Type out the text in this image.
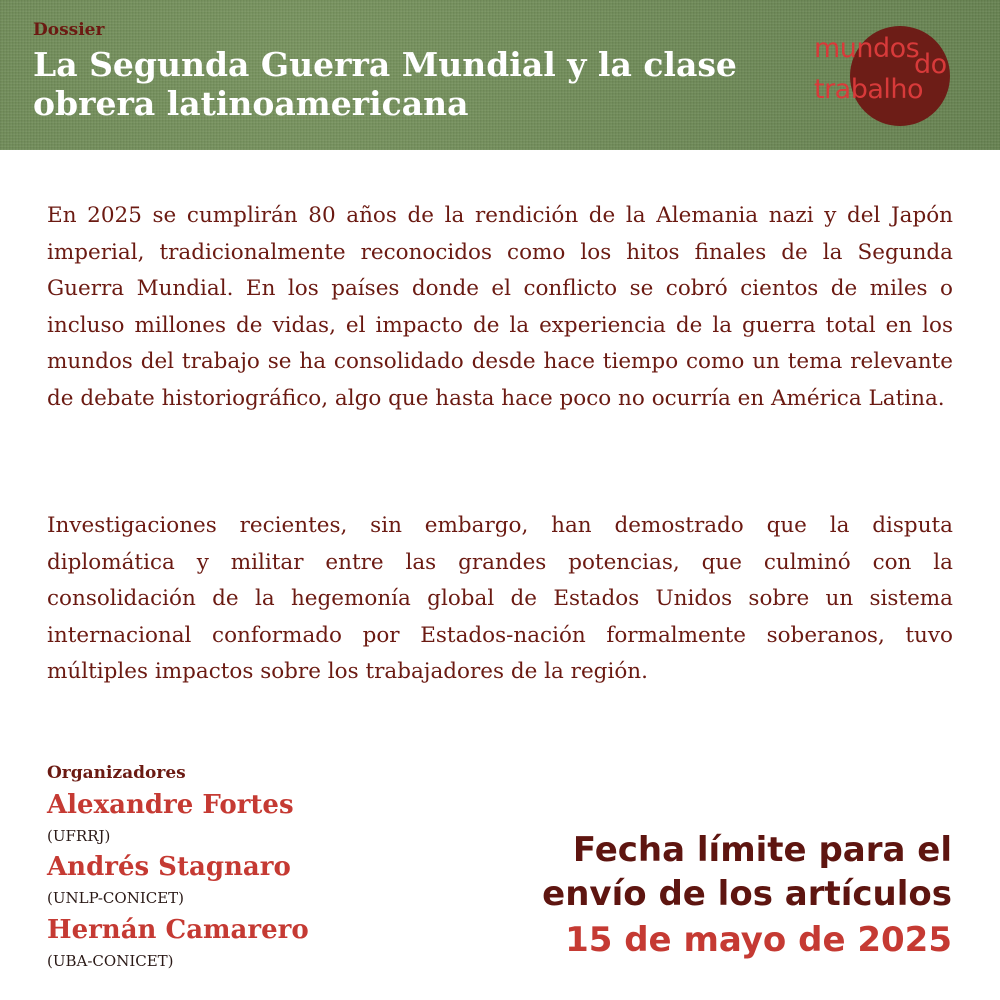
Dossier
La Segunda Guerra Mundial y la clase obrera latinoamericana
mundos
do
trabalho

En 2025 se cumplirán 80 años de la rendición de la Alemania nazi y del Japón imperial, tradicionalmente reconocidos como los hitos finales de la Segunda Guerra Mundial. En los países donde el conflicto se cobró cientos de miles o incluso millones de vidas, el impacto de la experiencia de la guerra total en los mundos del trabajo se ha consolidado desde hace tiempo como un tema relevante de debate historiográfico, algo que hasta hace poco no ocurría en América Latina.

Investigaciones recientes, sin embargo, han demostrado que la disputa diplomática y militar entre las grandes potencias, que culminó con la consolidación de la hegemonía global de Estados Unidos sobre un sistema internacional conformado por Estados-nación formalmente soberanos, tuvo múltiples impactos sobre los trabajadores de la región.

Organizadores
Alexandre Fortes
(UFRRJ)
Andrés Stagnaro
(UNLP-CONICET)
Hernán Camarero
(UBA-CONICET)
Fecha límite para el
envío de los artículos
15 de mayo de 2025
